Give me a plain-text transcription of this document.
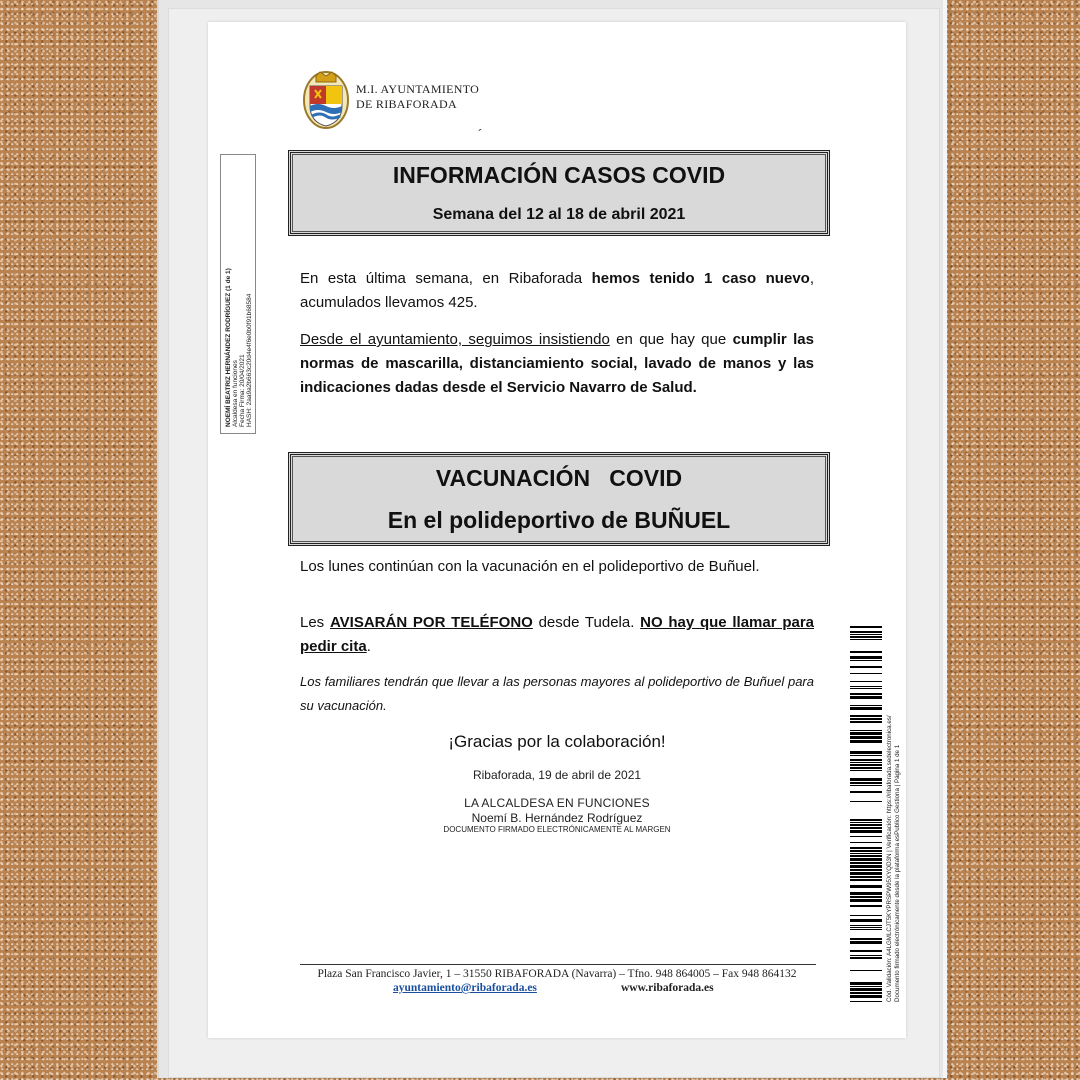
M.I. AYUNTAMIENTO
DE RIBAFORADA
´
INFORMACIÓN CASOS COVID
Semana del 12 al 18 de abril 2021
En esta última semana, en Ribaforada hemos tenido 1 caso nuevo, acumulados llevamos 425.
Desde el ayuntamiento, seguimos insistiendo en que hay que cumplir las normas de mascarilla, distanciamiento social, lavado de manos y las indicaciones dadas desde el Servicio Navarro de Salud.
VACUNACIÓN   COVID
En el polideportivo de BUÑUEL
Los lunes continúan con la vacunación en el polideportivo de Buñuel.
Les AVISARÁN POR TELÉFONO desde Tudela. NO hay que llamar para pedir cita.
Los familiares tendrán que llevar a las personas mayores al polideportivo de Buñuel para su vacunación.
¡Gracias por la colaboración!
Ribaforada, 19 de abril de 2021
LA ALCALDESA EN FUNCIONES
Noemí B. Hernández Rodríguez
DOCUMENTO FIRMADO ELECTRÓNICAMENTE AL MARGEN
Plaza San Francisco Javier, 1 – 31550 RIBAFORADA (Navarra) – Tfno. 948 864005 – Fax 948 864132
ayuntamiento@ribaforada.es	www.ribaforada.es
NOEMÍ BEATRIZ HERNÁNDEZ RODRÍGUEZ (1 de 1) Alcaldesa en funciones Fecha Firma: 20/04/2021 HASH: 2aa9a2b663c20d4e4f6e0b0f91b68584
Cód. Validación: A4LGMLCJT5KYPRSPW95XYQD3N | Verificación: https://ribaforada.sedelectronica.es/ Documento firmado electrónicamente desde la plataforma esPublico Gestiona | Página 1 de 1
